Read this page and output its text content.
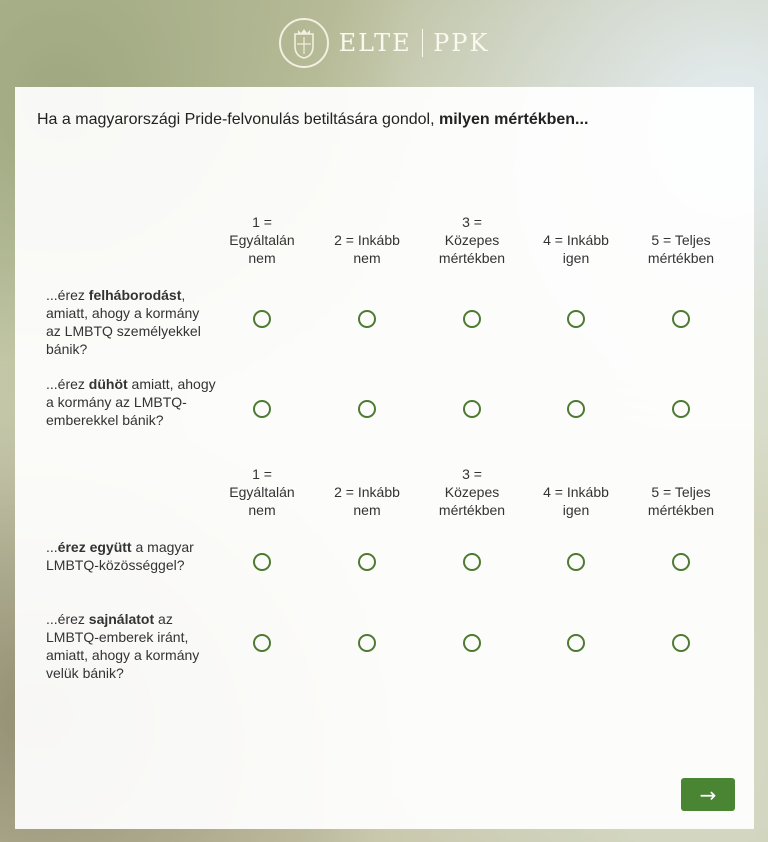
ELTE PPK
Ha a magyarországi Pride-felvonulás betiltására gondol, milyen mértékben...
1 =
Egyáltalán
nem
2 = Inkább
nem
3 =
Közepes
mértékben
4 = Inkább
igen
5 = Teljes
mértékben
...érez felháborodást, amiatt, ahogy a kormány az LMBTQ személyekkel bánik?
...érez dühöt amiatt, ahogy a kormány az LMBTQ-emberekkel bánik?
1 =
Egyáltalán
nem
2 = Inkább
nem
3 =
Közepes
mértékben
4 = Inkább
igen
5 = Teljes
mértékben
...érez együtt a magyar LMBTQ-közösséggel?
...érez sajnálatot az LMBTQ-emberek iránt, amiatt, ahogy a kormány velük bánik?
→
